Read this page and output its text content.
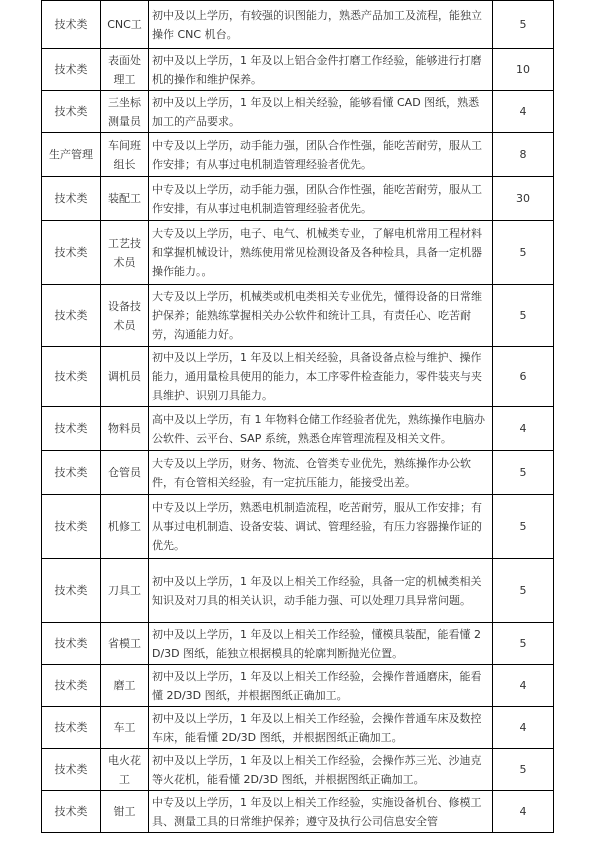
技术类	CNC工	初中及以上学历，有较强的识图能力，熟悉产品加工及流程，能独立操作 CNC 机台。	5
技术类	表面处理工	初中及以上学历，1 年及以上铝合金件打磨工作经验，能够进行打磨机的操作和维护保养。	10
技术类	三坐标测量员	初中及以上学历，1 年及以上相关经验，能够看懂 CAD 图纸，熟悉加工的产品要求。	4
生产管理	车间班组长	中专及以上学历，动手能力强，团队合作性强，能吃苦耐劳，服从工作安排；有从事过电机制造管理经验者优先。	8
技术类	装配工	中专及以上学历，动手能力强，团队合作性强，能吃苦耐劳，服从工作安排，有从事过电机制造管理经验者优先。	30
技术类	工艺技术员	大专及以上学历，电子、电气、机械类专业，了解电机常用工程材料和掌握机械设计，熟练使用常见检测设备及各种检具，具备一定机器操作能力。。	5
技术类	设备技术员	大专及以上学历，机械类或机电类相关专业优先，懂得设备的日常维护保养；能熟练掌握相关办公软件和统计工具，有责任心、吃苦耐劳，沟通能力好。	5
技术类	调机员	初中及以上学历，1 年及以上相关经验，具备设备点检与维护、操作能力，通用量检具使用的能力，本工序零件检查能力，零件装夹与夹具维护、识别刀具能力。	6
技术类	物料员	高中及以上学历，有 1 年物料仓储工作经验者优先，熟练操作电脑办公软件、云平台、SAP 系统，熟悉仓库管理流程及相关文件。	4
技术类	仓管员	大专及以上学历，财务、物流、仓管类专业优先，熟练操作办公软件，有仓管相关经验，有一定抗压能力，能接受出差。	5
技术类	机修工	中专及以上学历，熟悉电机制造流程，吃苦耐劳，服从工作安排；有从事过电机制造、设备安装、调试、管理经验，有压力容器操作证的优先。	5
技术类	刀具工	初中及以上学历，1 年及以上相关工作经验，具备一定的机械类相关知识及对刀具的相关认识，动手能力强、可以处理刀具异常问题。	5
技术类	省模工	初中及以上学历，1 年及以上相关工作经验，懂模具装配，能看懂 2D/3D 图纸，能独立根据模具的轮廓判断抛光位置。	5
技术类	磨工	初中及以上学历，1 年及以上相关工作经验，会操作普通磨床，能看懂 2D/3D 图纸，并根据图纸正确加工。	4
技术类	车工	初中及以上学历，1 年及以上相关工作经验，会操作普通车床及数控车床，能看懂 2D/3D 图纸，并根据图纸正确加工。	4
技术类	电火花工	初中及以上学历，1 年及以上相关工作经验，会操作苏三光、沙迪克等火花机，能看懂 2D/3D 图纸，并根据图纸正确加工。	5
技术类	钳工	中专及以上学历，1 年及以上相关工作经验，实施设备机台、修模工具、测量工具的日常维护保养；遵守及执行公司信息安全管	4
